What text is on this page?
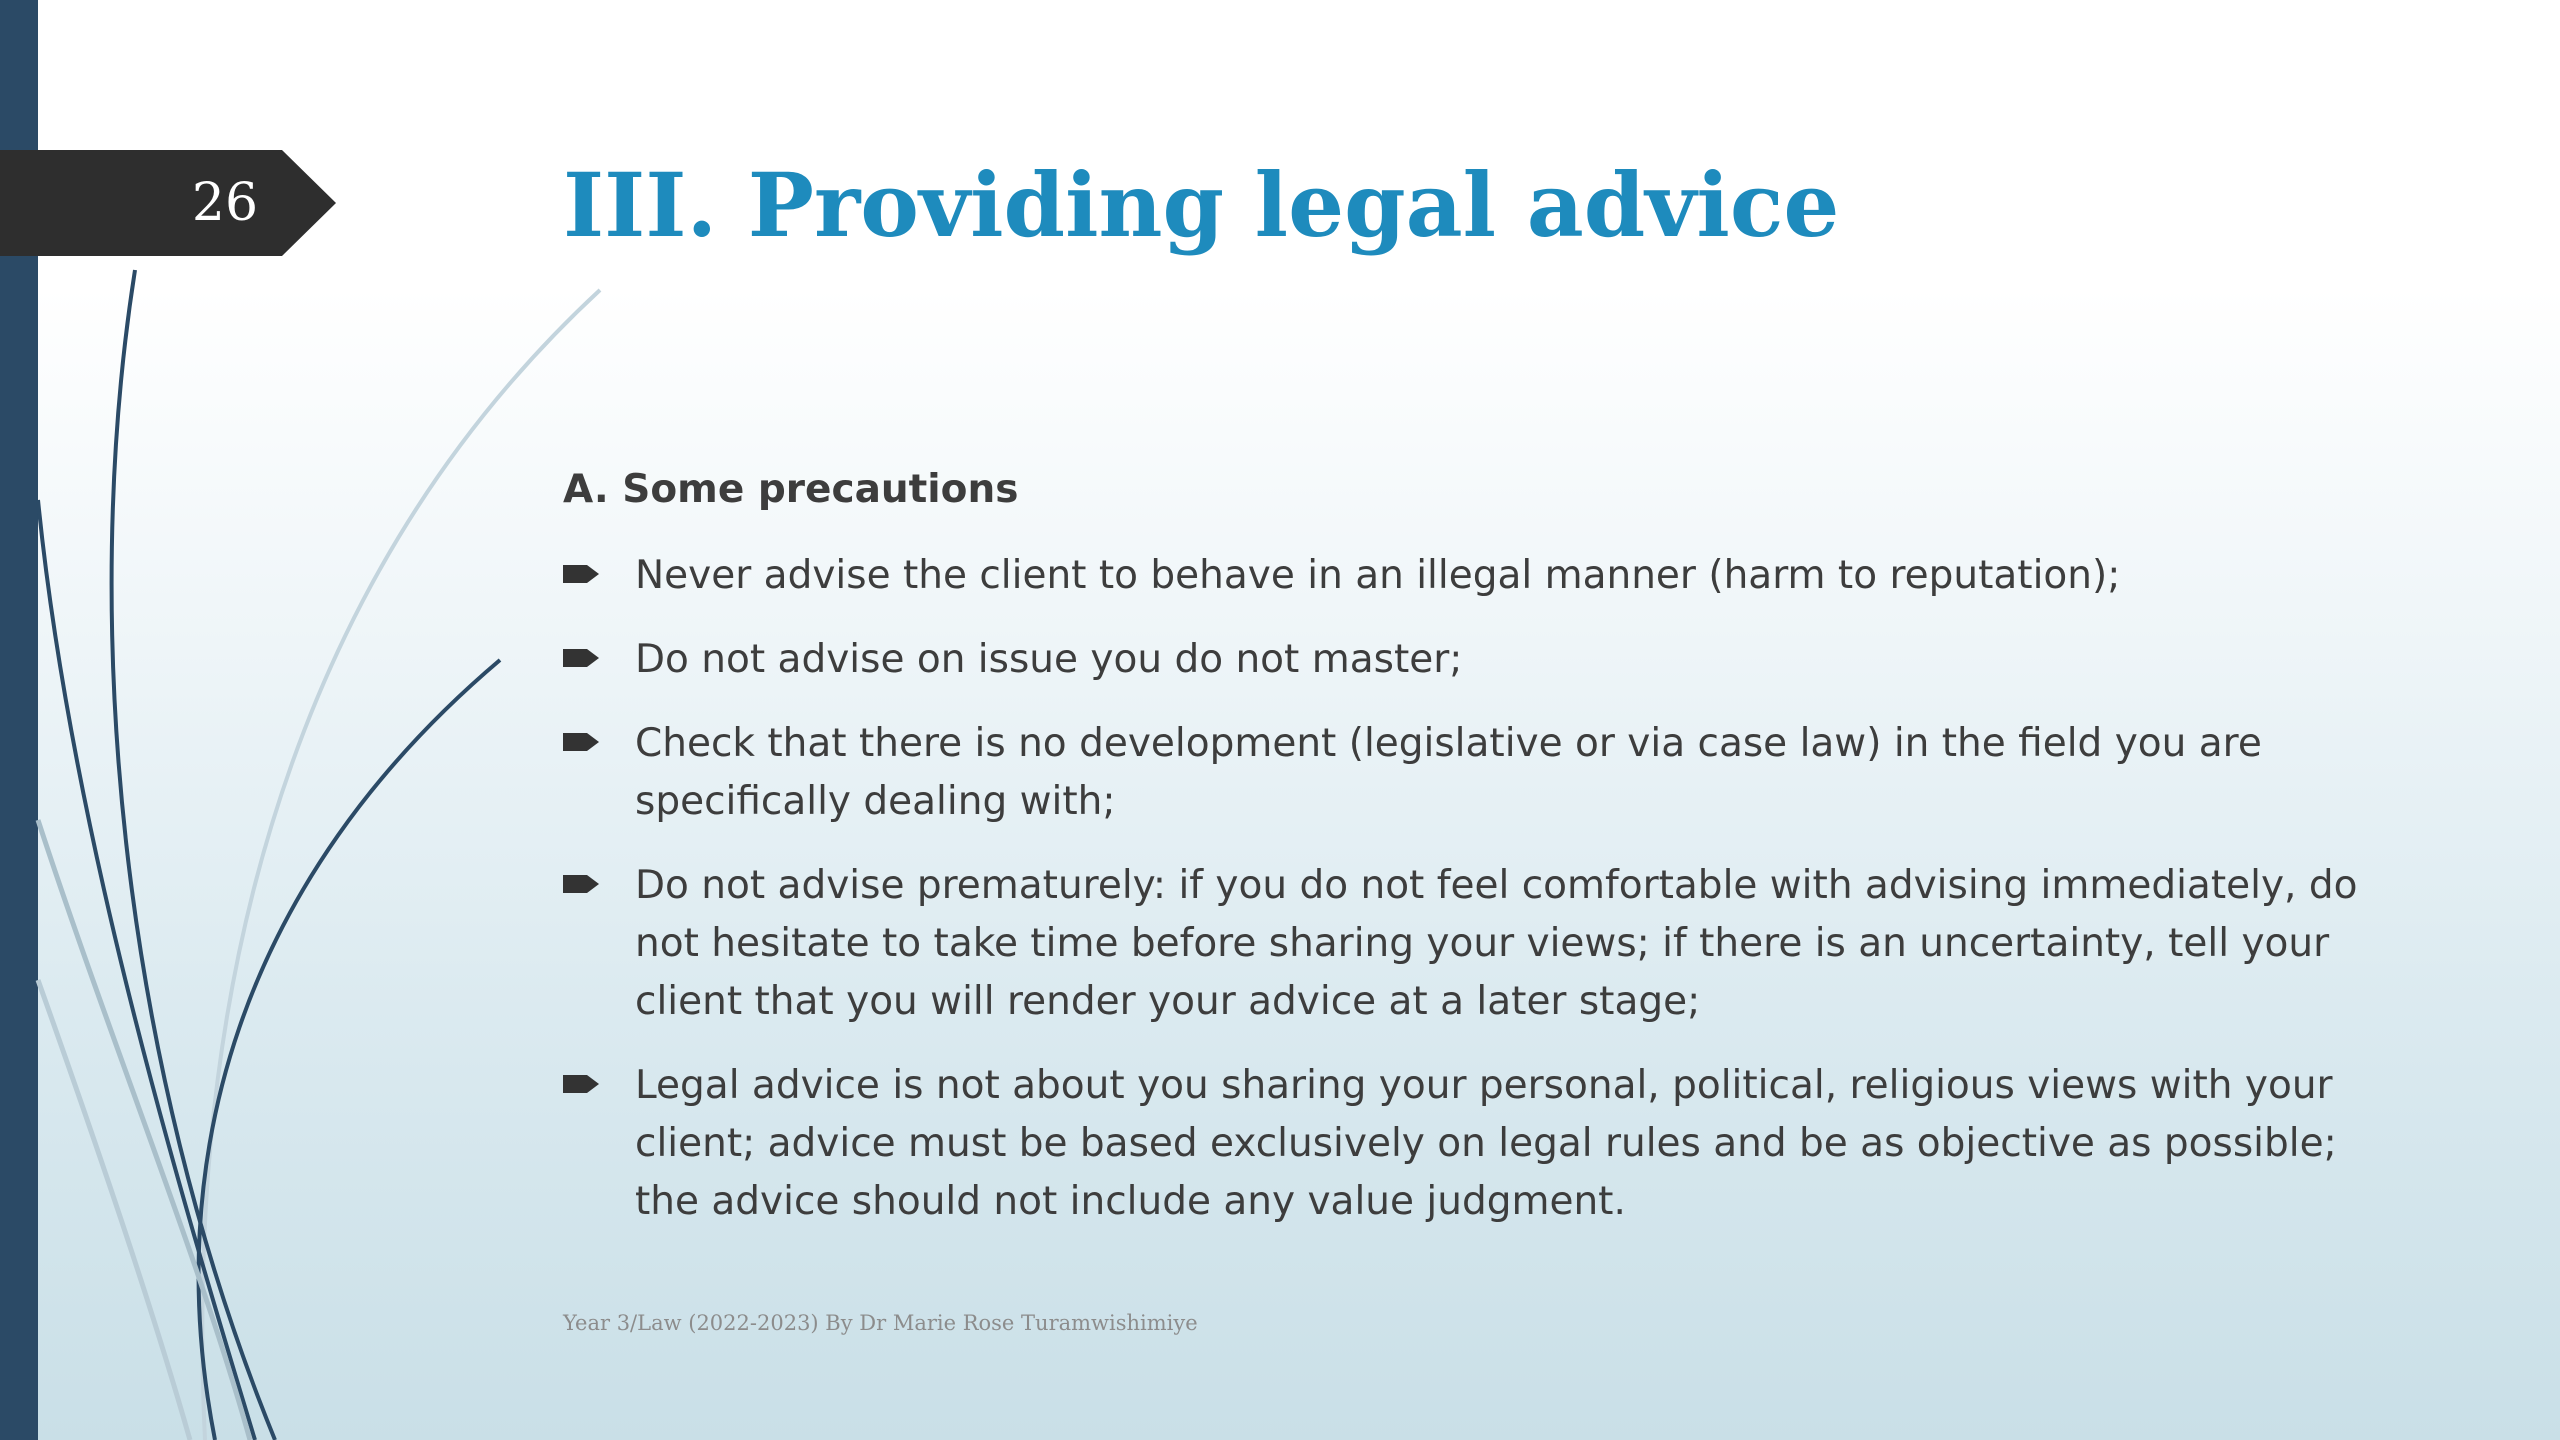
26	III. Providing legal advice
A. Some precautions
Never advise the client to behave in an illegal manner (harm to reputation);
Do not advise on issue you do not master;
Check that there is no development (legislative or via case law) in the field you are specifically dealing with;
Do not advise prematurely: if you do not feel comfortable with advising immediately, do not hesitate to take time before sharing your views; if there is an uncertainty, tell your client that you will render your advice at a later stage;
Legal advice is not about you sharing your personal, political, religious views with your client; advice must be based exclusively on legal rules and be as objective as possible; the advice should not include any value judgment.
Year 3/Law (2022-2023) By Dr Marie Rose Turamwishimiye
